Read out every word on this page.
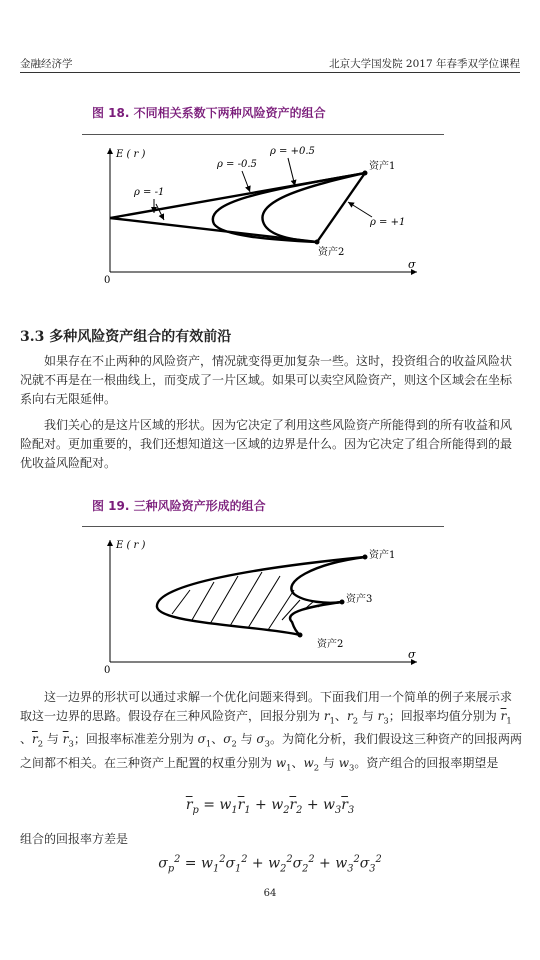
金融经济学	北京大学国发院 2017 年春季双学位课程
图 18. 不同相关系数下两种风险资产的组合
E ( r )
σ
0
资产1
资产2
ρ = -1
ρ = -0.5
ρ = +0.5
ρ = +1
3.3 多种风险资产组合的有效前沿

如果存在不止两种的风险资产，情况就变得更加复杂一些。这时，投资组合的收益风险状况就不再是在一根曲线上，而变成了一片区域。如果可以卖空风险资产，则这个区域会在坐标系向右无限延伸。

我们关心的是这片区域的形状。因为它决定了利用这些风险资产所能得到的所有收益和风险配对。更加重要的，我们还想知道这一区域的边界是什么。因为它决定了组合所能得到的最优收益风险配对。

图 19. 三种风险资产形成的组合
E ( r )
σ
0
资产1
资产3
资产2

这一边界的形状可以通过求解一个优化问题来得到。下面我们用一个简单的例子来展示求取这一边界的思路。假设存在三种风险资产，回报分别为 $r_1$、$r_2$ 与 $r_3$；回报率均值分别为 $\overline{r}_1$ 、$\overline{r}_2$ 与 $\overline{r}_3$；回报率标准差分别为 $\sigma_1$、$\sigma_2$ 与 $\sigma_3$。为简化分析，我们假设这三种资产的回报两两之间都不相关。在三种资产上配置的权重分别为 $w_1$、$w_2$ 与 $w_3$。资产组合的回报率期望是

$\overline{r}_p = w_1\overline{r}_1 + w_2\overline{r}_2 + w_3\overline{r}_3$
组合的回报率方差是
$\sigma_p^2 = w_1^2\sigma_1^2 + w_2^2\sigma_2^2 + w_3^2\sigma_3^2$
64
